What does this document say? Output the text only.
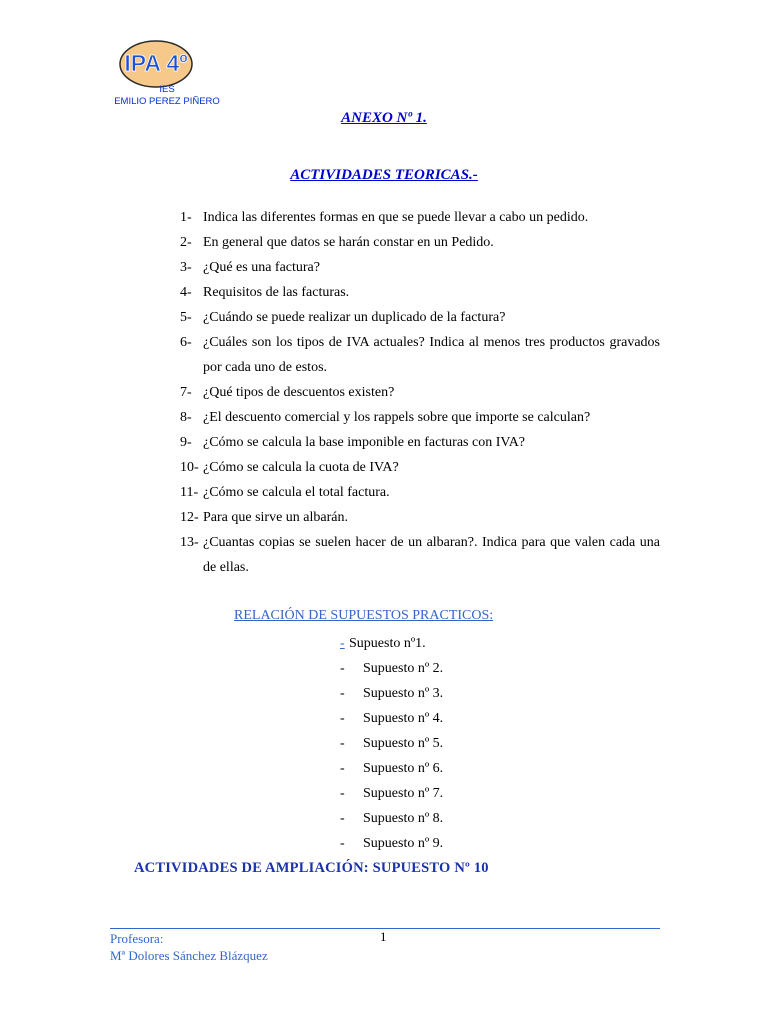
IPA 4º
IES
EMILIO PEREZ PIÑERO
ANEXO Nº 1.
ACTIVIDADES TEORICAS.-
1- Indica las diferentes formas en que se puede llevar a cabo un pedido.
2- En general que datos se harán constar en un Pedido.
3- ¿Qué es una factura?
4- Requisitos de las facturas.
5- ¿Cuándo se puede realizar un duplicado de la factura?
6- ¿Cuáles son los tipos de IVA actuales? Indica al menos tres productos gravados por cada uno de estos.
7- ¿Qué tipos de descuentos existen?
8- ¿El descuento comercial y los rappels sobre que importe se calculan?
9- ¿Cómo se calcula la base imponible en facturas con IVA?
10- ¿Cómo se calcula la cuota de IVA?
11- ¿Cómo se calcula el total factura.
12- Para que sirve un albarán.
13- ¿Cuantas copias se suelen hacer de un albaran?. Indica para que valen cada una de ellas.
RELACIÓN DE SUPUESTOS PRACTICOS:
- Supuesto nº1.
-	Supuesto nº 2.
-	Supuesto nº 3.
-	Supuesto nº 4.
-	Supuesto nº 5.
-	Supuesto nº 6.
-	Supuesto nº 7.
-	Supuesto nº 8.
-	Supuesto nº 9.
ACTIVIDADES DE AMPLIACIÓN: SUPUESTO Nº 10
Profesora:	1
Mª Dolores Sánchez Blázquez
